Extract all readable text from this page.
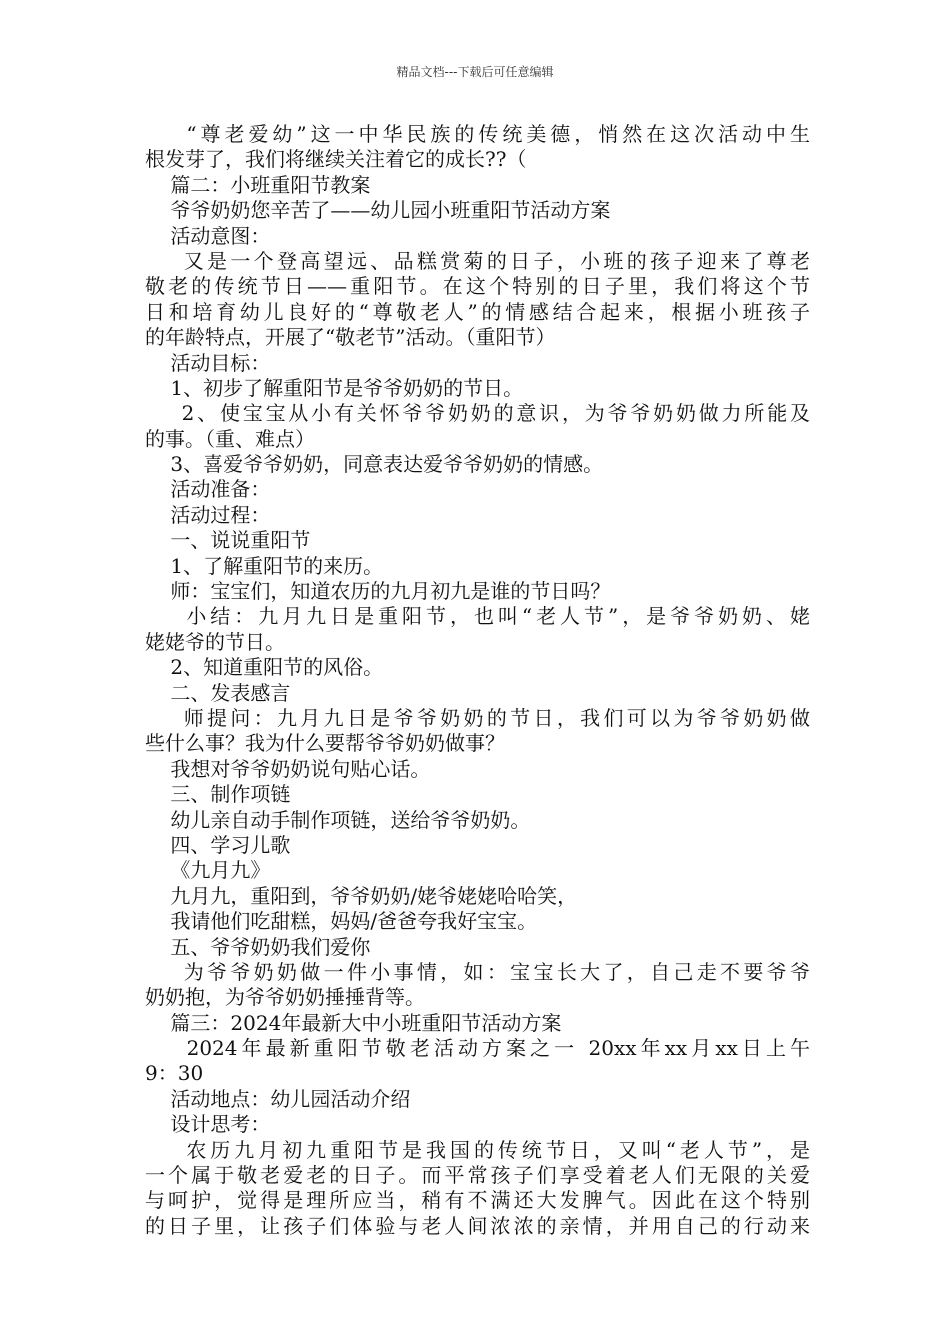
精品文档---下载后可任意编辑
“尊老爱幼”这一中华民族的传统美德，悄然在这次活动中生
根发芽了，我们将继续关注着它的成长??（
篇二：小班重阳节教案
爷爷奶奶您辛苦了——幼儿园小班重阳节活动方案
活动意图：
又是一个登高望远、品糕赏菊的日子，小班的孩子迎来了尊老
敬老的传统节日——重阳节。在这个特别的日子里，我们将这个节
日和培育幼儿良好的“尊敬老人”的情感结合起来，根据小班孩子
的年龄特点，开展了“敬老节”活动。（重阳节）
活动目标：
1、初步了解重阳节是爷爷奶奶的节日。
2、使宝宝从小有关怀爷爷奶奶的意识，为爷爷奶奶做力所能及
的事。（重、难点）
3、喜爱爷爷奶奶，同意表达爱爷爷奶奶的情感。
活动准备：
活动过程：
一、说说重阳节
1、了解重阳节的来历。
师：宝宝们，知道农历的九月初九是谁的节日吗？
小结：九月九日是重阳节，也叫“老人节”，是爷爷奶奶、姥
姥姥爷的节日。
2、知道重阳节的风俗。
二、发表感言
师提问：九月九日是爷爷奶奶的节日，我们可以为爷爷奶奶做
些什么事？我为什么要帮爷爷奶奶做事？
我想对爷爷奶奶说句贴心话。
三、制作项链
幼儿亲自动手制作项链，送给爷爷奶奶。
四、学习儿歌
《九月九》
九月九，重阳到，爷爷奶奶/姥爷姥姥哈哈笑，
我请他们吃甜糕，妈妈/爸爸夸我好宝宝。
五、爷爷奶奶我们爱你
为爷爷奶奶做一件小事情，如：宝宝长大了，自己走不要爷爷
奶奶抱，为爷爷奶奶捶捶背等。
篇三：2024年最新大中小班重阳节活动方案
2024年最新重阳节敬老活动方案之一 20xx年xx月xx日上午
9：30
活动地点：幼儿园活动介绍
设计思考：
农历九月初九重阳节是我国的传统节日，又叫“老人节”，是
一个属于敬老爱老的日子。而平常孩子们享受着老人们无限的关爱
与呵护，觉得是理所应当，稍有不满还大发脾气。因此在这个特别
的日子里，让孩子们体验与老人间浓浓的亲情，并用自己的行动来
